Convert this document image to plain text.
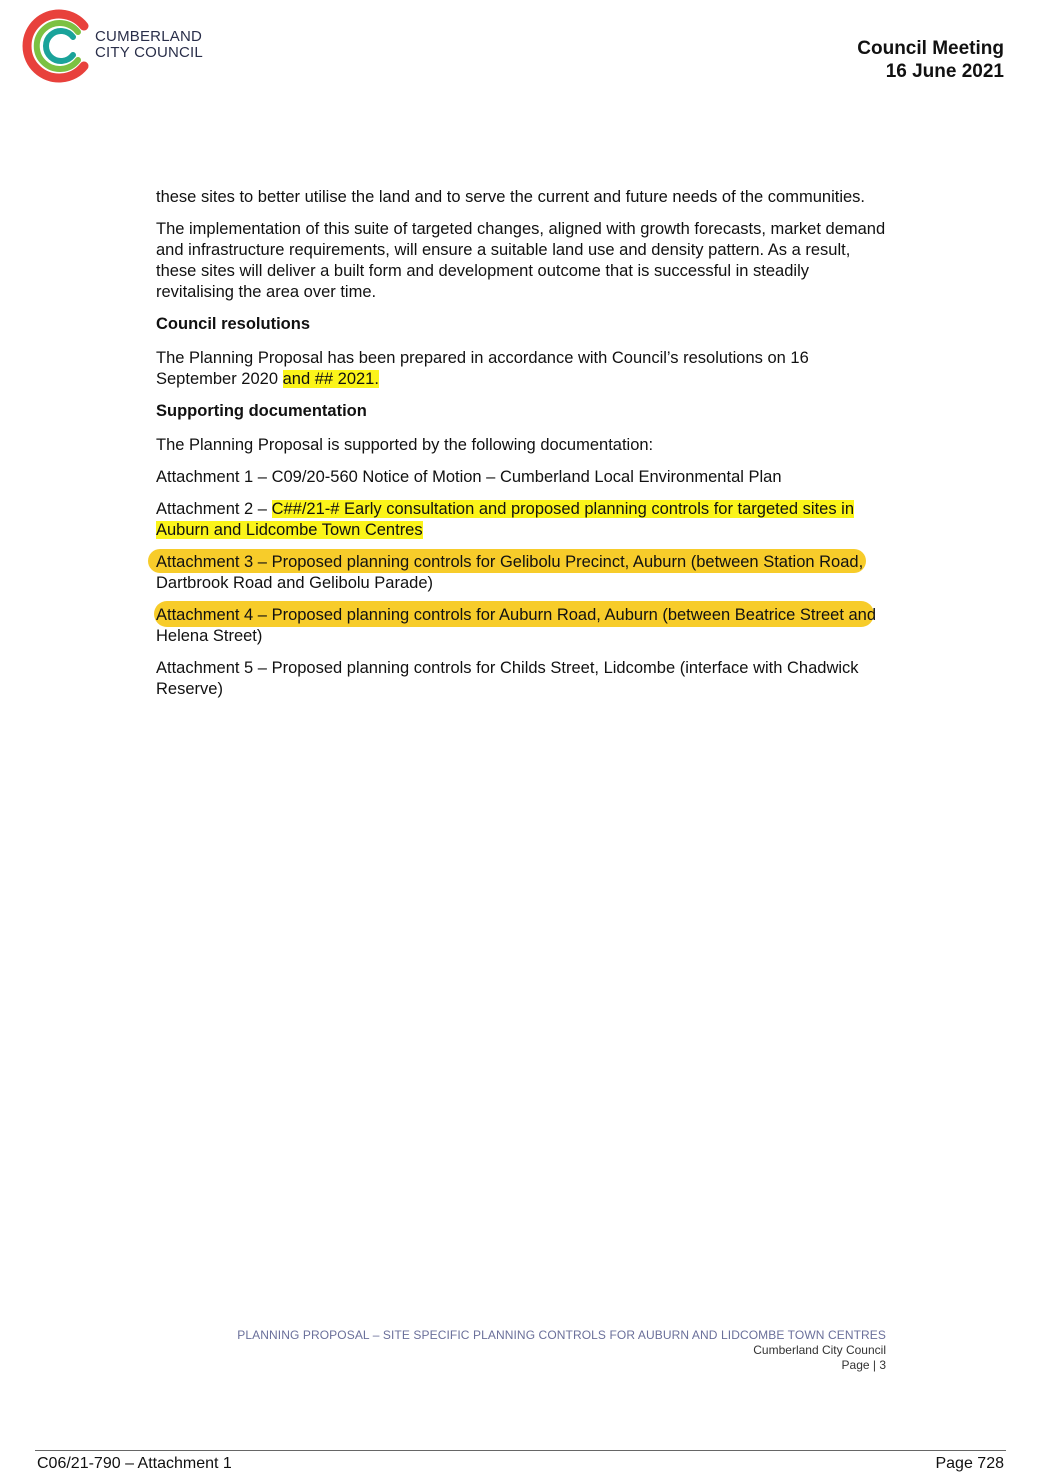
CUMBERLAND
CITY COUNCIL	Council Meeting
16 June 2021

these sites to better utilise the land and to serve the current and future needs of the communities.

The implementation of this suite of targeted changes, aligned with growth forecasts, market demand and infrastructure requirements, will ensure a suitable land use and density pattern. As a result, these sites will deliver a built form and development outcome that is successful in steadily revitalising the area over time.

Council resolutions

The Planning Proposal has been prepared in accordance with Council’s resolutions on 16 September 2020 and ## 2021.

Supporting documentation

The Planning Proposal is supported by the following documentation:

Attachment 1 – C09/20-560 Notice of Motion – Cumberland Local Environmental Plan

Attachment 2 – C##/21-# Early consultation and proposed planning controls for targeted sites in Auburn and Lidcombe Town Centres

Attachment 3 – Proposed planning controls for Gelibolu Precinct, Auburn (between Station Road, Dartbrook Road and Gelibolu Parade)

Attachment 4 – Proposed planning controls for Auburn Road, Auburn (between Beatrice Street and Helena Street)

Attachment 5 – Proposed planning controls for Childs Street, Lidcombe (interface with Chadwick Reserve)

PLANNING PROPOSAL – SITE SPECIFIC PLANNING CONTROLS FOR AUBURN AND LIDCOMBE TOWN CENTRES
Cumberland City Council
Page | 3
C06/21-790 – Attachment 1	Page 728
